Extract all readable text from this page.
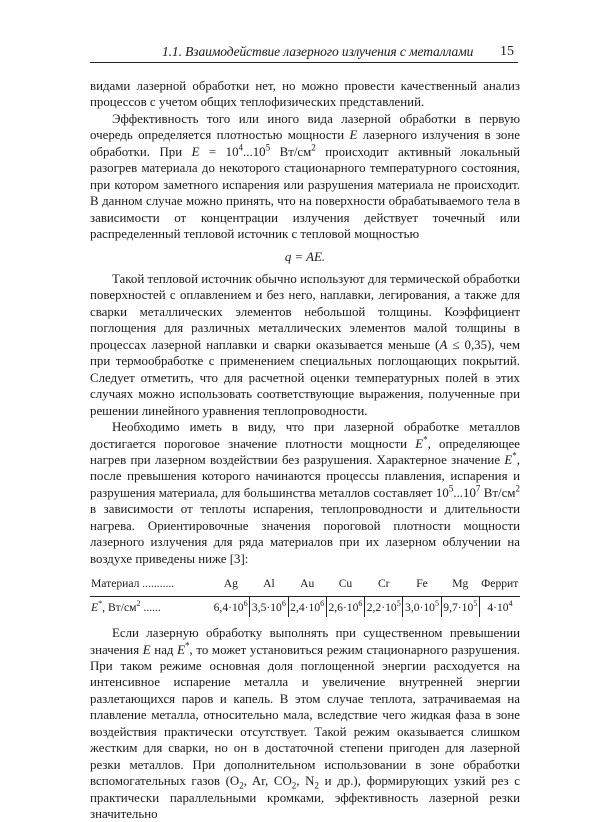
1.1. Взаимодействие лазерного излучения с металлами 15

видами лазерной обработки нет, но можно провести качественный анализ процессов с учетом общих теплофизических представлений.

Эффективность того или иного вида лазерной обработки в первую очередь определяется плотностью мощности E лазерного излучения в зоне обработки. При $E = 10^4...10^5$ $Вт/см^2$ происходит активный локальный разогрев материала до некоторого стационарного температурного состояния, при котором заметного испарения или разрушения материала не происходит. В данном случае можно принять, что на поверхности обрабатываемого тела в зависимости от концентрации излучения действует точечный или распределенный тепловой источник с тепловой мощностью

q = AE.

Такой тепловой источник обычно используют для термической обработки поверхностей с оплавлением и без него, наплавки, легирования, а также для сварки металлических элементов небольшой толщины. Коэффициент поглощения для различных металлических элементов малой толщины в процессах лазерной наплавки и сварки оказывается меньше (A ≤ 0,35), чем при термообработке с применением специальных поглощающих покрытий. Следует отметить, что для расчетной оценки температурных полей в этих случаях можно использовать соответствующие выражения, полученные при решении линейного уравнения теплопроводности.

Необходимо иметь в виду, что при лазерной обработке металлов достигается пороговое значение плотности мощности E*, определяющее нагрев при лазерном воздействии без разрушения. Характерное значение E*, после превышения которого начинаются процессы плавления, испарения и разрушения материала, для большинства металлов составляет $10^5...10^7$ $Вт/см^2$ в зависимости от теплоты испарения, теплопроводности и длительности нагрева. Ориентировочные значения пороговой плотности мощности лазерного излучения для ряда материалов при их лазерном облучении на воздухе приведены ниже [3]:

Материал ...........	Ag	Al	Au	Cu	Cr	Fe	Mg	Феррит
E*, $Вт/см^2$ ......	$6,4\cdot 10^6$	$3,5\cdot 10^6$	$2,4\cdot 10^6$	$2,6\cdot 10^6$	$2,2\cdot 10^5$	$3,0\cdot 10^5$	$9,7\cdot 10^5$	$4\cdot 10^4$

Если лазерную обработку выполнять при существенном превышении значения E над E*, то может установиться режим стационарного разрушения. При таком режиме основная доля поглощенной энергии расходуется на интенсивное испарение металла и увеличение внутренней энергии разлетающихся паров и капель. В этом случае теплота, затрачиваемая на плавление металла, относительно мала, вследствие чего жидкая фаза в зоне воздействия практически отсутствует. Такой режим оказывается слишком жестким для сварки, но он в достаточной степени пригоден для лазерной резки металлов. При дополнительном использовании в зоне обработки вспомогательных газов ($O_2$, Ar, $CO_2$, $N_2$ и др.), формирующих узкий рез с практически параллельными кромками, эффективность лазерной резки значительно
